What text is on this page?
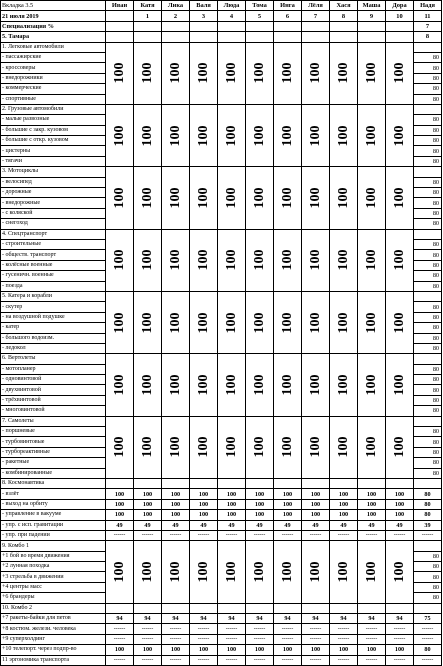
Вкладка 3.5	Иван	Катя	Лика	Валя	Люда	Тома	Инга	Лёля	Хася	Маша	Дора	Надя
21 июля 2019		1	2	3	4	5	6	7	8	9	10	11
Специализация %												7
5. Тамара												8
1. Легковые автомобили	100	100	100	100	100	100	100	100	100	100	100	

- пассажирские												80
- кроссоверы												80
- внедорожники												80
- коммерческие												80
- спортивные												80
2. Грузовые автомобили	100	100	100	100	100	100	100	100	100	100	100	

- малые развозные												80
- большие с закр. кузовом												80
- большие с откр. кузовом												80
- цистерны												80
- тягачи												80
3. Мотоциклы	100	100	100	100	100	100	100	100	100	100	100	

- велосипед												80
- дорожные												80
- внедорожные												80
- с коляской												80
- снегоход												80
4. Спецтранспорт	100	100	100	100	100	100	100	100	100	100	100	

- строительные												80
- обществ. транспорт												80
- колёсные военные												80
- гусеничн. военные												80
- поезда												80
5. Катера и корабли	100	100	100	100	100	100	100	100	100	100	100	

- скутер												80
- на воздушной подушке												80
- катер												80
- большого водоизм.												80
- ледокол												80
6. Вертолеты	100	100	100	100	100	100	100	100	100	100	100	

- мотопланер												80
- одновинтовой												80
- двухвинтовой												80
- трёхвинтовой												80
- многовинтовой												80
7. Самолеты	100	100	100	100	100	100	100	100	100	100	100	

- поршневые												80
- турбовинтовые												80
- турбореактивные												80
- ракетные												80
- комбинированные												80
8. Космонавтика												
- взлёт	100	100	100	100	100	100	100	100	100	100	100	80
- выход на орбиту	100	100	100	100	100	100	100	100	100	100	100	80
- управление в вакууме	100	100	100	100	100	100	100	100	100	100	100	80
- упр. с исп. гравитации	49	49	49	49	49	49	49	49	49	49	49	39
- упр. при падении	------	------	------	------	------	------	------	------	------	------	------	------
9. Комбо 1	100	100	100	100	100	100	100	100	100	100	100	

+1 бой во время движения												80
+2 лунная походка												80
+3 стрельба в движении												80
+4 центры масс												80
+6 брандеры												80
10. Комбо 2												
+7 ракеты-байки для петов	94	94	94	94	94	94	94	94	94	94	94	75
+8 костюм. желези. человека	------	------	------	------	------	------	------	------	------	------	------	------
+9 суперхолдинг	------	------	------	------	------	------	------	------	------	------	------	------
+10 телепорт. через подпр-во	100	100	100	100	100	100	100	100	100	100	100	80
11 эргономика транспорта	------	------	------	------	------	------	------	------	------	------	------	------
